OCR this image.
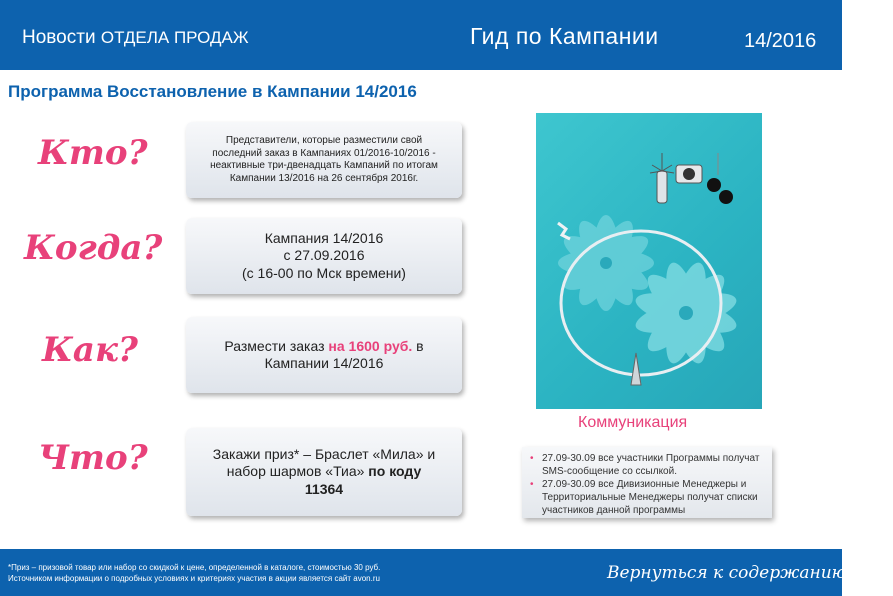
Новости ОТДЕЛА ПРОДАЖ	Гид по Кампании	14/2016
Программа Восстановление в Кампании 14/2016
Кто?	Представители, которые разместили свой

последний заказ в Кампаниях 01/2016-10/2016 -

неактивные три-двенадцать Кампаний по итогам

Кампании 13/2016 на 26 сентября 2016г.

Когда?	Кампания 14/2016

с 27.09.2016

(с 16-00 по Мск времени)

Как?	Размести заказ на 1600 руб. в

Кампании 14/2016

Что?	Закажи приз* – Браслет «Мила» и

набор шармов «Тиа» по коду

11364

Коммуникация
• 27.09-30.09 все участники Программы получат SMS-сообщение со ссылкой.
• 27.09-30.09 все Дивизионные Менеджеры и Территориальные Менеджеры получат списки участников данной программы
*Приз – призовой товар или набор со скидкой к цене, определенной в каталоге, стоимостью 30 руб.
Источником информации о подробных условиях и критериях участия в акции является сайт avon.ru	Вернуться к содержанию гида
